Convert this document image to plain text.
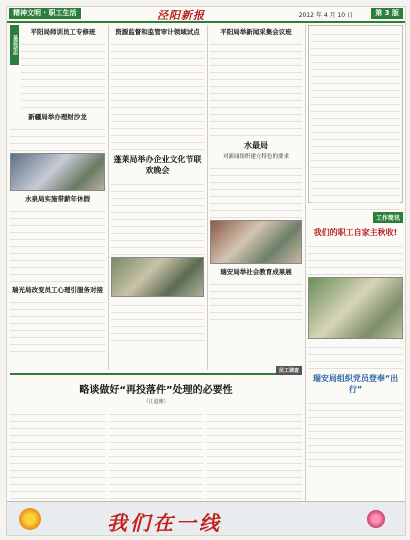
精神文明 · 职工生活	泾阳新报	2012 年 4 月 10 日	第 3 版
基层动态
平阳局师训员工专修班
新疆局举办理财沙龙
水泉局实施带薪年休假
瑞光局改变员工心理引服务对接
资源监督和监管审计领域试点
蓬莱局举办企业文化节联欢晚会
平阳局举新闻采集会议班
水最局
对新闻组织建立特色的要求
瑞安局举社会教育成果展
工作简讯
我们的职工自家主秋收!
瑞安局组织党员登奉“出行”
民工调查
略谈做好“再投落件”处理的必要性
（江道雅）
我们在一线
